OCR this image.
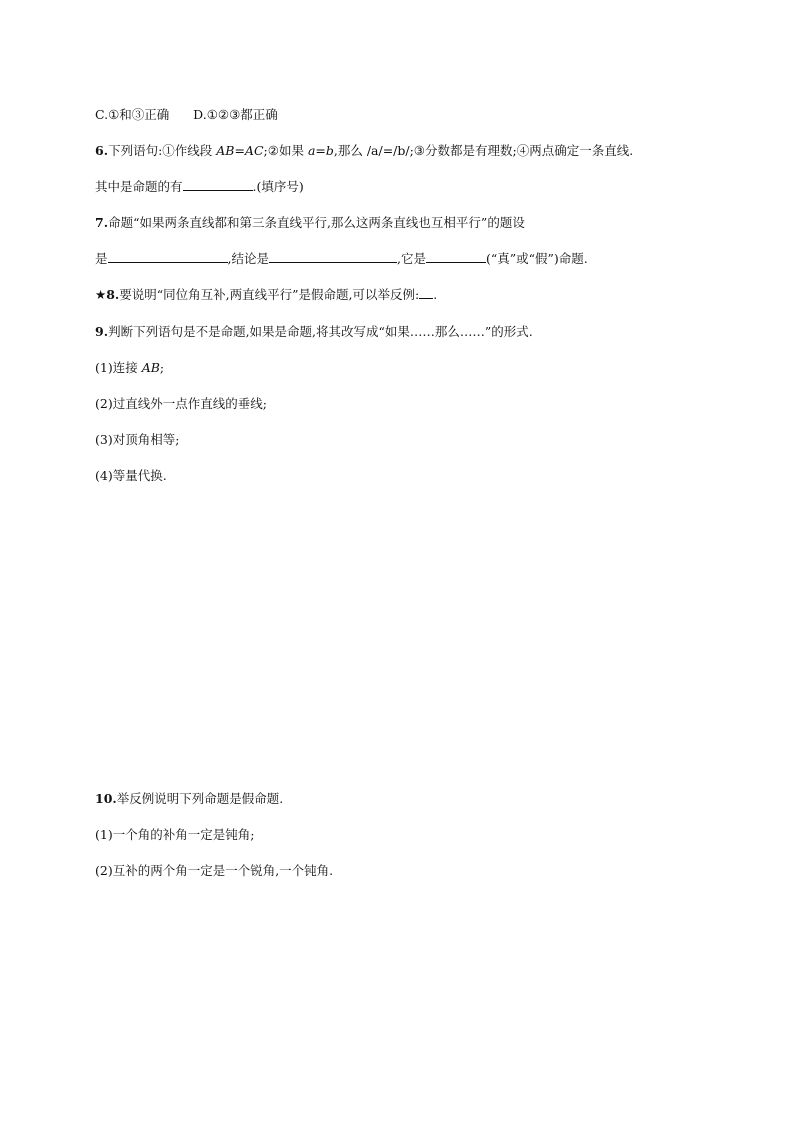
C.①和③正确      D.①②③都正确
6.下列语句:①作线段 AB=AC;②如果 a=b,那么 /a/=/b/;③分数都是有理数;④两点确定一条直线.
其中是命题的有	.(填序号)
7.命题“如果两条直线都和第三条直线平行,那么这两条直线也互相平行”的题设
是	,结论是	,它是	(“真”或“假”)命题.
★8.要说明“同位角互补,两直线平行”是假命题,可以举反例: .
9.判断下列语句是不是命题,如果是命题,将其改写成“如果……那么……”的形式.
(1)连接 AB;
(2)过直线外一点作直线的垂线;
(3)对顶角相等;
(4)等量代换.
10.举反例说明下列命题是假命题.
(1)一个角的补角一定是钝角;
(2)互补的两个角一定是一个锐角,一个钝角.
